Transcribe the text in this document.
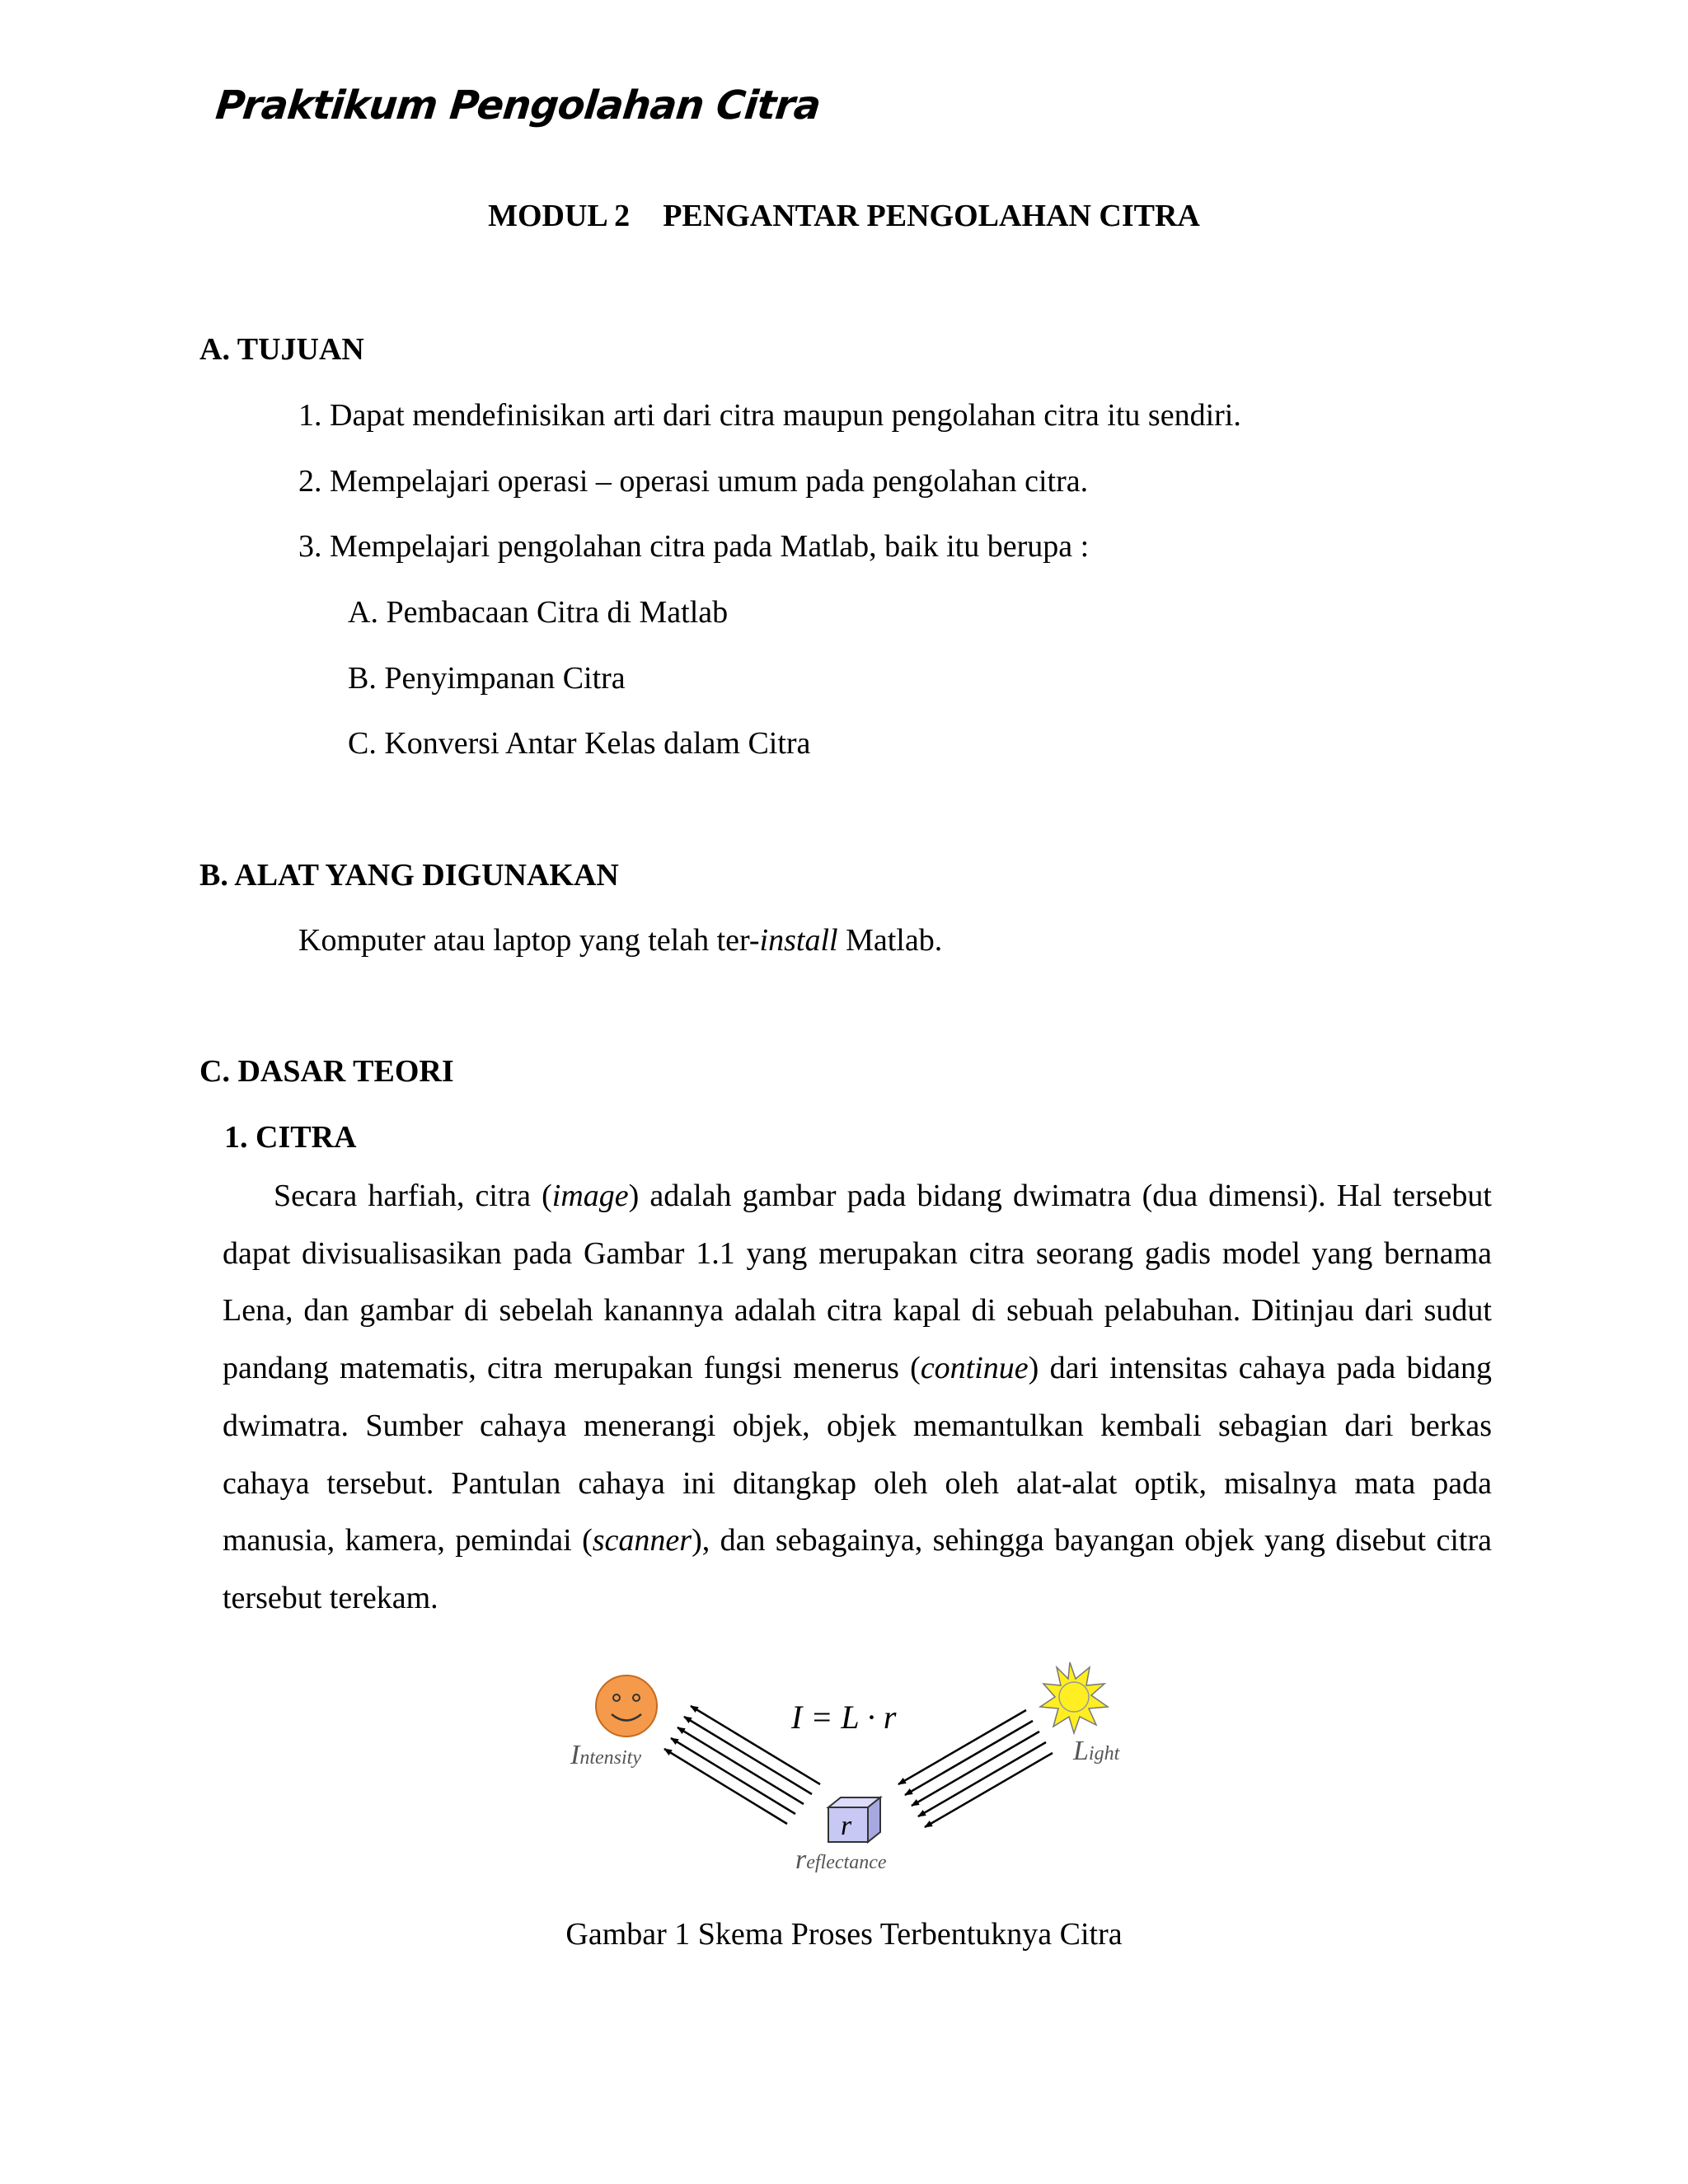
Praktikum Pengolahan Citra
MODUL 2 PENGANTAR PENGOLAHAN CITRA
A. TUJUAN
1. Dapat mendefinisikan arti dari citra maupun pengolahan citra itu sendiri.
2. Mempelajari operasi – operasi umum pada pengolahan citra.
3. Mempelajari pengolahan citra pada Matlab, baik itu berupa :
A. Pembacaan Citra di Matlab
B. Penyimpanan Citra
C. Konversi Antar Kelas dalam Citra
B. ALAT YANG DIGUNAKAN
Komputer atau laptop yang telah ter-install Matlab.
C. DASAR TEORI
1. CITRA
Secara harfiah, citra (image) adalah gambar pada bidang dwimatra (dua dimensi). Hal tersebut dapat divisualisasikan pada Gambar 1.1 yang merupakan citra seorang gadis model yang bernama Lena, dan gambar di sebelah kanannya adalah citra kapal di sebuah pelabuhan. Ditinjau dari sudut pandang matematis, citra merupakan fungsi menerus (continue) dari intensitas cahaya pada bidang dwimatra. Sumber cahaya menerangi objek, objek memantulkan kembali sebagian dari berkas cahaya tersebut. Pantulan cahaya ini ditangkap oleh oleh alat-alat optik, misalnya mata pada manusia, kamera, pemindai (scanner), dan sebagainya, sehingga bayangan objek yang disebut citra tersebut terekam.
I = L · r
Intensity	Light
reflectance
r
Gambar 1 Skema Proses Terbentuknya Citra
